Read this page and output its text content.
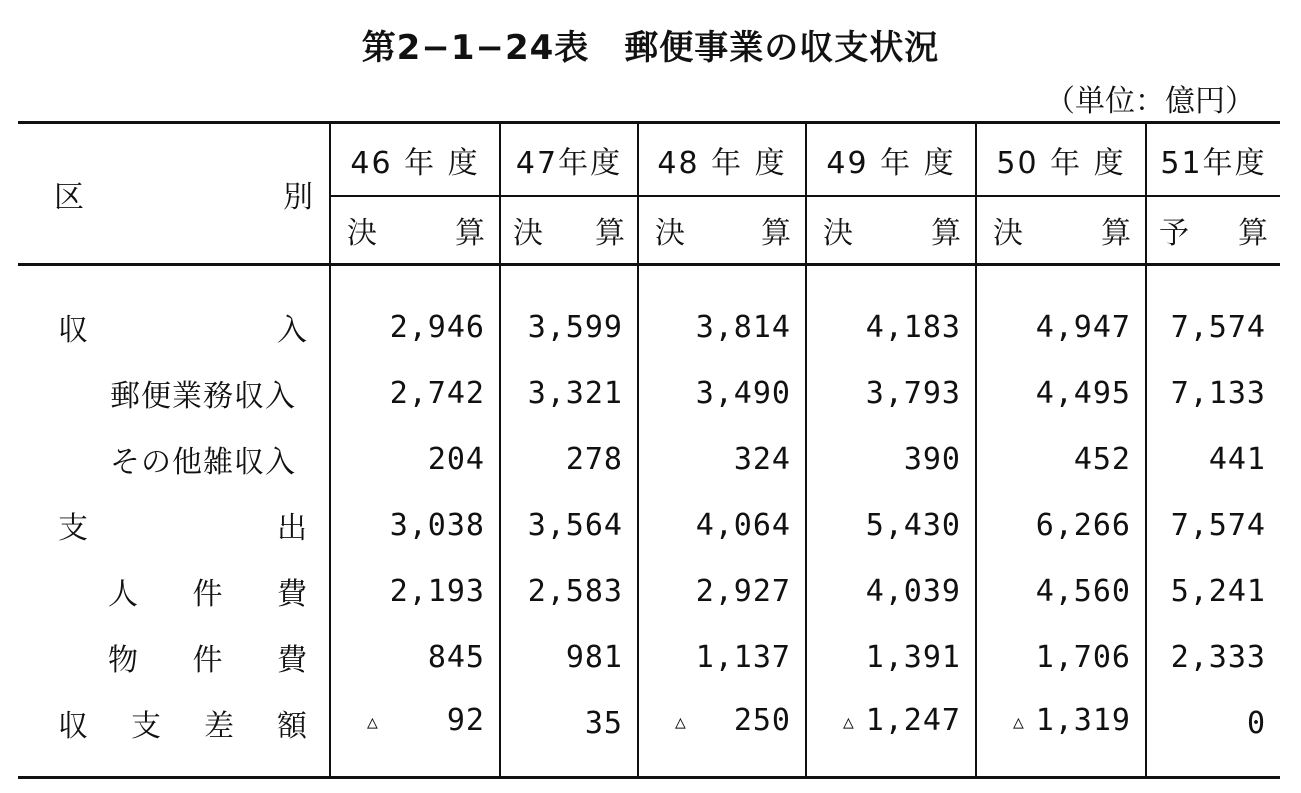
第2−1−24表　郵便事業の収支状況
（単位：億円）
区 別	46 年 度	47年度	48 年 度	49 年 度	50 年 度	51年度

	決 算	決 算	決 算	決 算	決 算	予 算

収 入	2,946	3,599	3,814	4,183	4,947	7,574
郵便業務収入	2,742	3,321	3,490	3,793	4,495	7,133
その他雑収入	204	278	324	390	452	441

支 出	3,038	3,564	4,064	5,430	6,266	7,574

人 件 費	2,193	2,583	2,927	4,039	4,560	5,241

物 件 費	845	981	1,137	1,391	1,706	2,333

収 支 差 額	△ 92	35	△ 250	△ 1,247	△ 1,319	0
